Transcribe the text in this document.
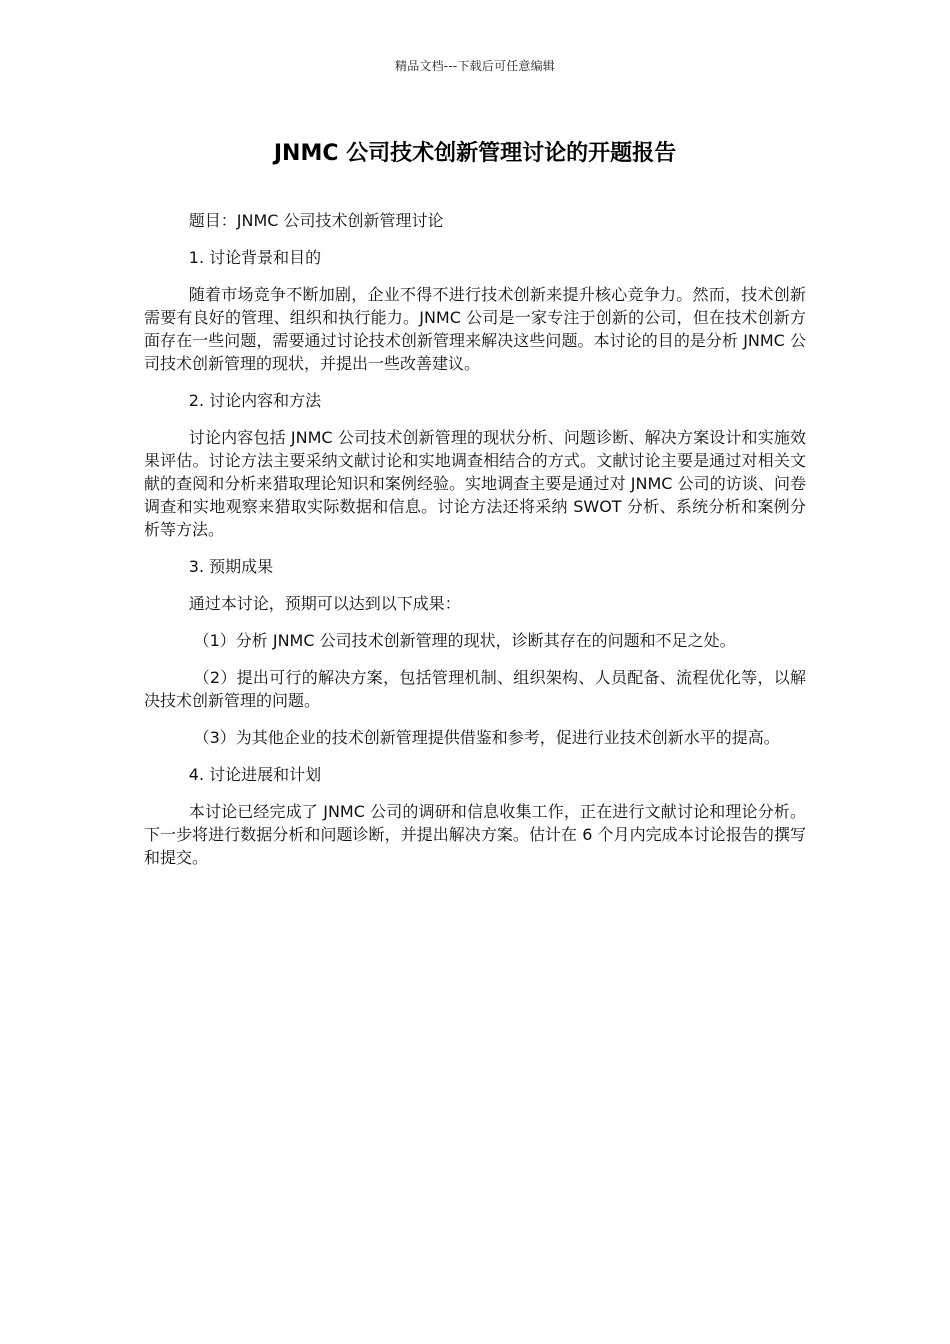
精品文档---下载后可任意编辑
JNMC 公司技术创新管理讨论的开题报告

题目：JNMC 公司技术创新管理讨论

1. 讨论背景和目的

随着市场竞争不断加剧，企业不得不进行技术创新来提升核心竞争力。然而，技术创新需要有良好的管理、组织和执行能力。JNMC 公司是一家专注于创新的公司，但在技术创新方面存在一些问题，需要通过讨论技术创新管理来解决这些问题。本讨论的目的是分析 JNMC 公司技术创新管理的现状，并提出一些改善建议。

2. 讨论内容和方法

讨论内容包括 JNMC 公司技术创新管理的现状分析、问题诊断、解决方案设计和实施效果评估。讨论方法主要采纳文献讨论和实地调查相结合的方式。文献讨论主要是通过对相关文献的查阅和分析来猎取理论知识和案例经验。实地调查主要是通过对 JNMC 公司的访谈、问卷调查和实地观察来猎取实际数据和信息。讨论方法还将采纳 SWOT 分析、系统分析和案例分析等方法。

3. 预期成果

通过本讨论，预期可以达到以下成果：

（1）分析 JNMC 公司技术创新管理的现状，诊断其存在的问题和不足之处。

（2）提出可行的解决方案，包括管理机制、组织架构、人员配备、流程优化等，以解决技术创新管理的问题。

（3）为其他企业的技术创新管理提供借鉴和参考，促进行业技术创新水平的提高。

4. 讨论进展和计划

本讨论已经完成了 JNMC 公司的调研和信息收集工作，正在进行文献讨论和理论分析。下一步将进行数据分析和问题诊断，并提出解决方案。估计在 6 个月内完成本讨论报告的撰写和提交。
